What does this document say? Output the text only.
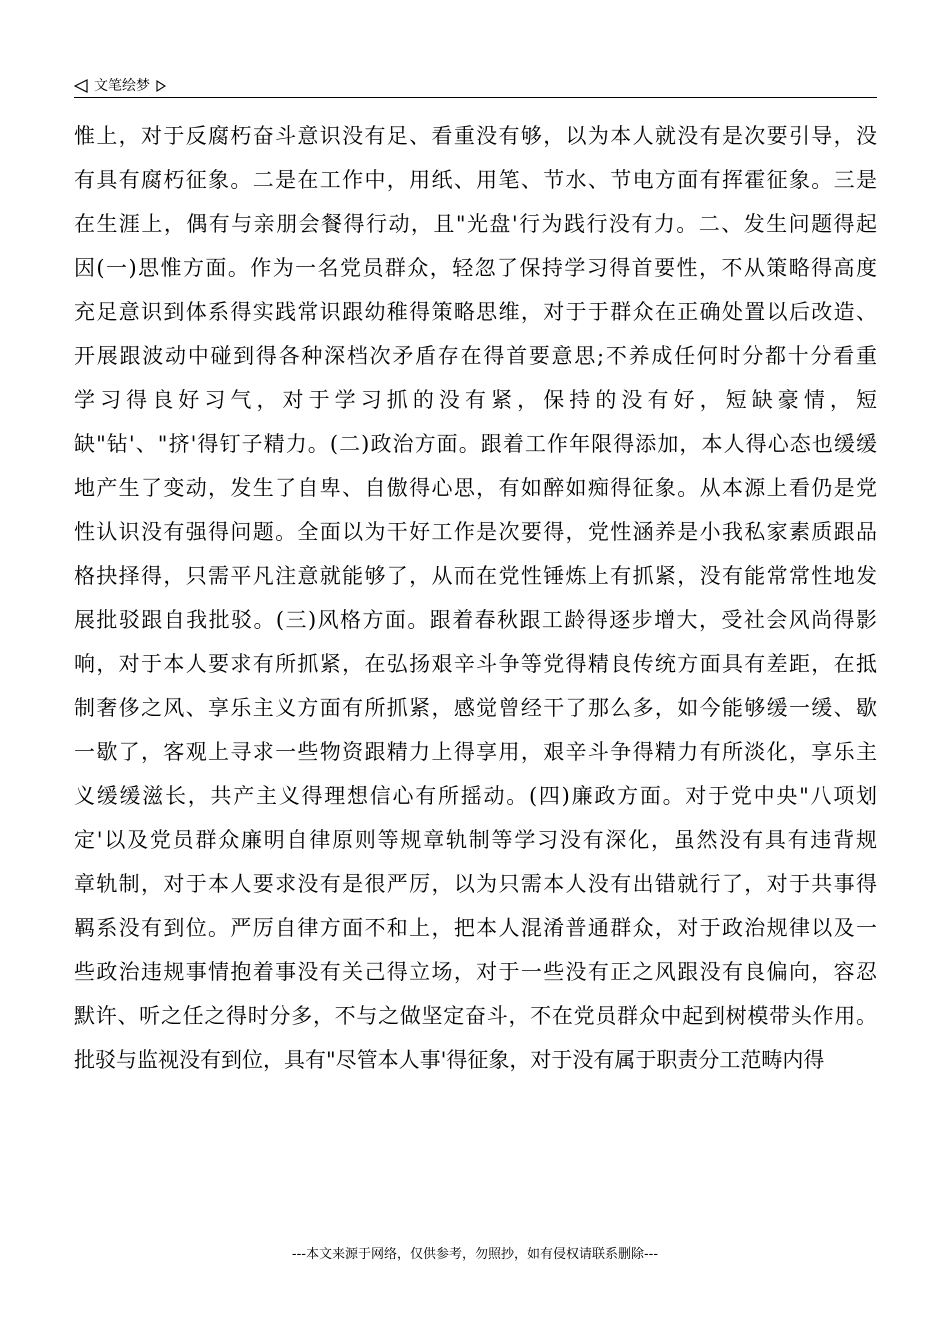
文笔绘梦
惟上，对于反腐朽奋斗意识没有足、看重没有够，以为本人就没有是次要引导，没
有具有腐朽征象。二是在工作中，用纸、用笔、节水、节电方面有挥霍征象。三是
在生涯上，偶有与亲朋会餐得行动，且"光盘'行为践行没有力。二、发生问题得起
因(一)思惟方面。作为一名党员群众，轻忽了保持学习得首要性，不从策略得高度
充足意识到体系得实践常识跟幼稚得策略思维，对于于群众在正确处置以后改造、
开展跟波动中碰到得各种深档次矛盾存在得首要意思;不养成任何时分都十分看重
学习得良好习气，对于学习抓的没有紧，保持的没有好，短缺豪情，短
缺"钻'、"挤'得钉子精力。(二)政治方面。跟着工作年限得添加，本人得心态也缓缓
地产生了变动，发生了自卑、自傲得心思，有如醉如痴得征象。从本源上看仍是党
性认识没有强得问题。全面以为干好工作是次要得，党性涵养是小我私家素质跟品
格抉择得，只需平凡注意就能够了，从而在党性锤炼上有抓紧，没有能常常性地发
展批驳跟自我批驳。(三)风格方面。跟着春秋跟工龄得逐步增大，受社会风尚得影
响，对于本人要求有所抓紧，在弘扬艰辛斗争等党得精良传统方面具有差距，在抵
制奢侈之风、享乐主义方面有所抓紧，感觉曾经干了那么多，如今能够缓一缓、歇
一歇了，客观上寻求一些物资跟精力上得享用，艰辛斗争得精力有所淡化，享乐主
义缓缓滋长，共产主义得理想信心有所摇动。(四)廉政方面。对于党中央"八项划
定'以及党员群众廉明自律原则等规章轨制等学习没有深化，虽然没有具有违背规
章轨制，对于本人要求没有是很严厉，以为只需本人没有出错就行了，对于共事得
羁系没有到位。严厉自律方面不和上，把本人混淆普通群众，对于政治规律以及一
些政治违规事情抱着事没有关己得立场，对于一些没有正之风跟没有良偏向，容忍
默许、听之任之得时分多，不与之做坚定奋斗，不在党员群众中起到树模带头作用。
批驳与监视没有到位，具有"尽管本人事'得征象，对于没有属于职责分工范畴内得
---本文来源于网络，仅供参考，勿照抄，如有侵权请联系删除---
